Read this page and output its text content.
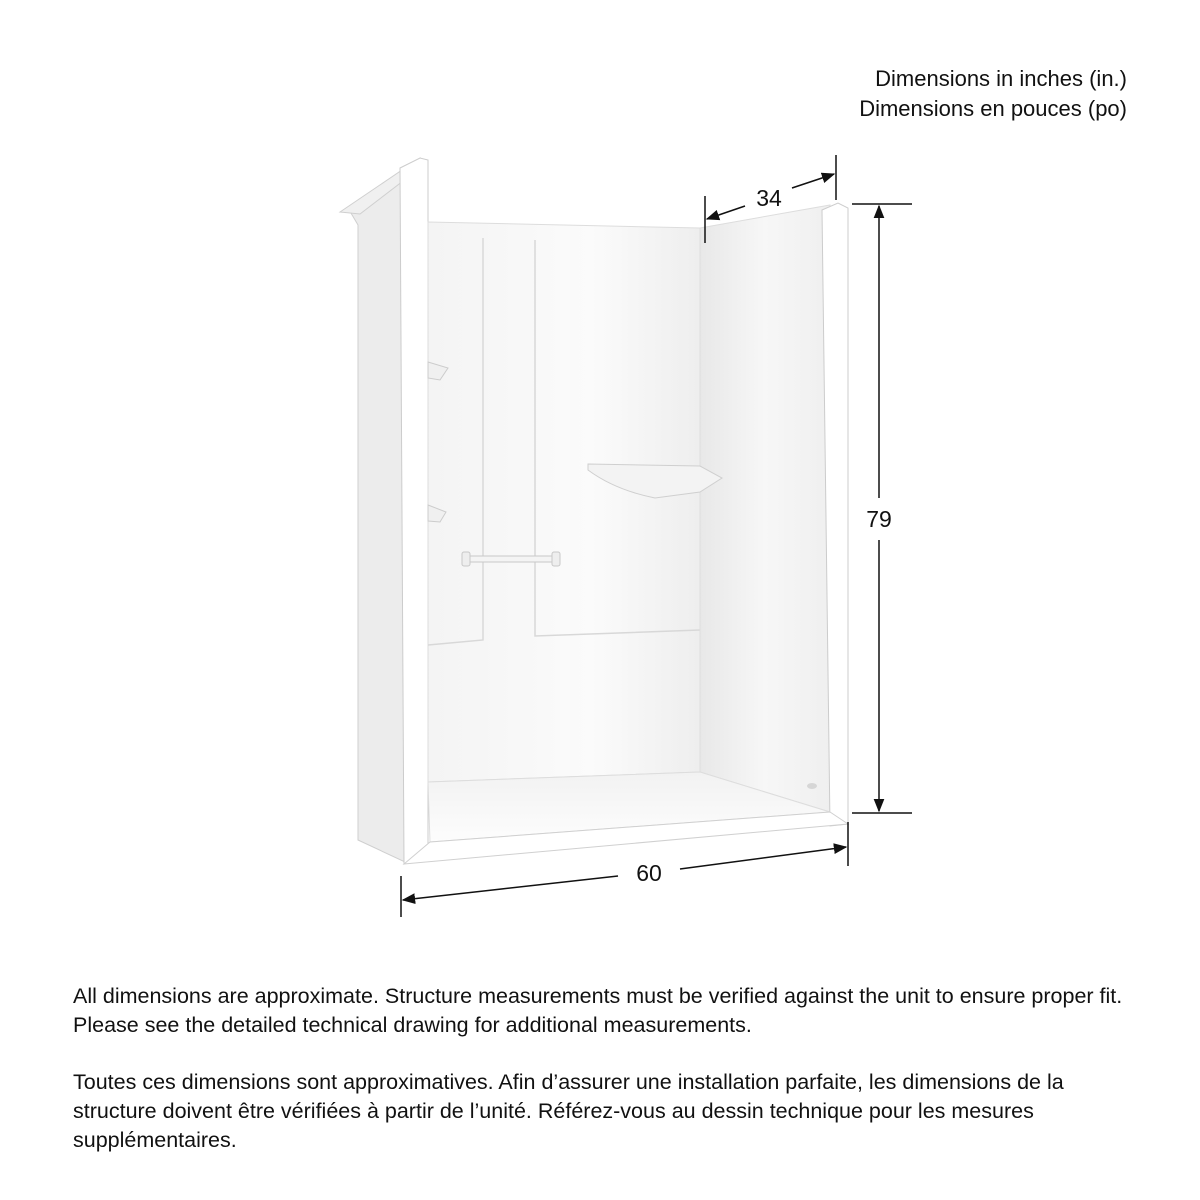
Dimensions in inches (in.)
Dimensions en pouces (po)
34
79
60

All dimensions are approximate. Structure measurements must be verified against the unit to ensure proper fit. Please see the detailed technical drawing for additional measurements.

Toutes ces dimensions sont approximatives. Afin d’assurer une installation parfaite, les dimensions de la structure doivent être vérifiées à partir de l’unité. Référez-vous au dessin technique pour les mesures supplémentaires.
